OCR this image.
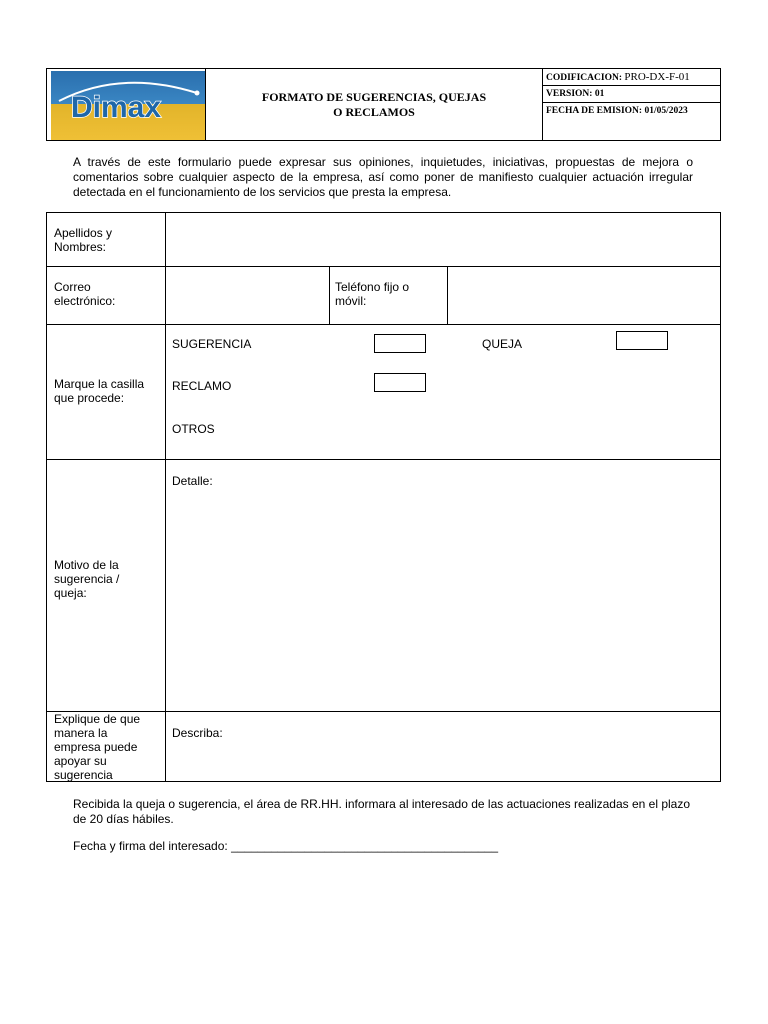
Dimax	FORMATO DE SUGERENCIAS, QUEJAS O RECLAMOS
CODIFICACION: PRO-DX-F-01
VERSION: 01
FECHA DE EMISION: 01/05/2023
A través de este formulario puede expresar sus opiniones, inquietudes, iniciativas, propuestas de mejora o comentarios sobre cualquier aspecto de la empresa, así como poner de manifiesto cualquier actuación irregular detectada en el funcionamiento de los servicios que presta la empresa.
Apellidos y Nombres:
Correo electrónico:
Teléfono fijo o móvil:
Marque la casilla que procede:
SUGERENCIA	QUEJA
RECLAMO
OTROS
Motivo de la sugerencia / queja:
Detalle:
Explique de que manera la empresa puede apoyar su sugerencia
Describa:
Recibida la queja o sugerencia, el área de RR.HH. informara al interesado de las actuaciones realizadas en el plazo de 20 días hábiles.
Fecha y firma del interesado: ________________________________________
